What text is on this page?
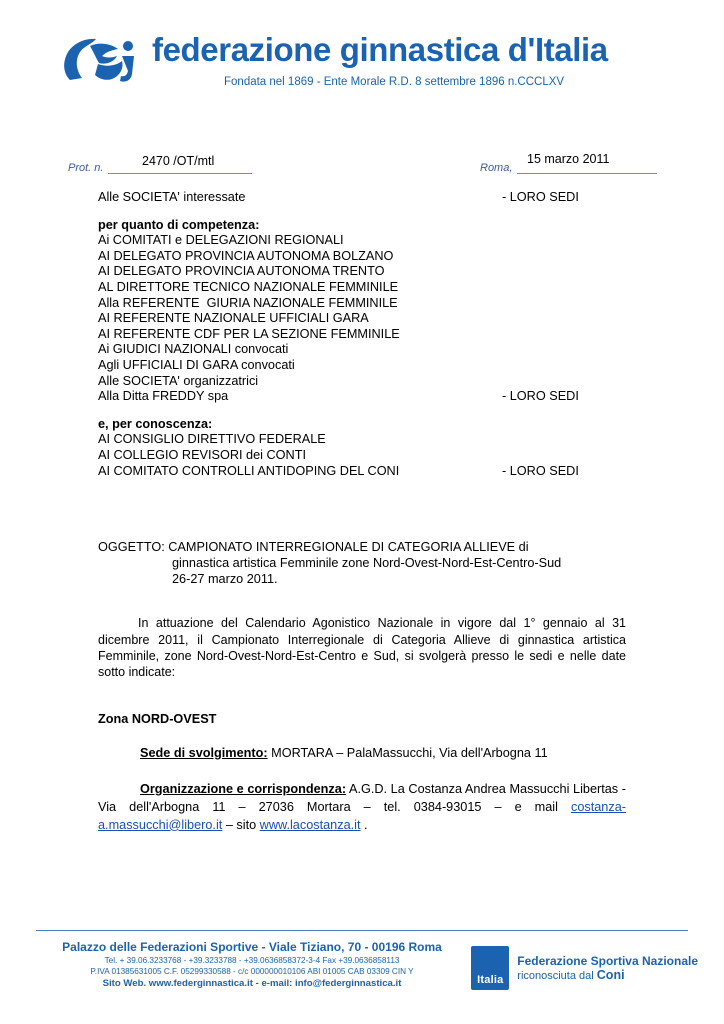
federazione ginnastica d'Italia
Fondata nel 1869 - Ente Morale R.D. 8 settembre 1896 n.CCCLXV
Prot. n.	2470 /OT/mtl	Roma,
15 marzo 2011
Alle SOCIETA' interessate	- LORO SEDI
per quanto di competenza:
Ai COMITATI e DELEGAZIONI REGIONALI
AI DELEGATO PROVINCIA AUTONOMA BOLZANO
AI DELEGATO PROVINCIA AUTONOMA TRENTO
AL DIRETTORE TECNICO NAZIONALE FEMMINILE
Alla REFERENTE  GIURIA NAZIONALE FEMMINILE
AI REFERENTE NAZIONALE UFFICIALI GARA
AI REFERENTE CDF PER LA SEZIONE FEMMINILE
Ai GIUDICI NAZIONALI convocati
Agli UFFICIALI DI GARA convocati
Alle SOCIETA' organizzatrici
Alla Ditta FREDDY spa	- LORO SEDI
e, per conoscenza:
AI CONSIGLIO DIRETTIVO FEDERALE
AI COLLEGIO REVISORI dei CONTI
AI COMITATO CONTROLLI ANTIDOPING DEL CONI	- LORO SEDI
OGGETTO: CAMPIONATO INTERREGIONALE DI CATEGORIA ALLIEVE di
ginnastica artistica Femminile zone Nord-Ovest-Nord-Est-Centro-Sud
26-27 marzo 2011.
In attuazione del Calendario Agonistico Nazionale in vigore dal 1° gennaio al 31 dicembre 2011, il Campionato Interregionale di Categoria Allieve di ginnastica artistica Femminile, zone Nord-Ovest-Nord-Est-Centro e Sud, si svolgerà presso le sedi e nelle date sotto indicate:
Zona NORD-OVEST
Sede di svolgimento: MORTARA – PalaMassucchi, Via dell'Arbogna 11
Organizzazione e corrispondenza: A.G.D. La Costanza Andrea Massucchi Libertas - Via dell'Arbogna 11 – 27036 Mortara – tel. 0384-93015 – e mail costanza-a.massucchi@libero.it – sito www.lacostanza.it .
Palazzo delle Federazioni Sportive - Viale Tiziano, 70 - 00196 Roma
Tel. + 39.06.3233768 - +39.3233788 - +39.0636858372-3-4 Fax +39.0636858113
P.IVA 01385631005 C.F. 05299330588 - c/c 000000010106 ABI 01005 CAB 03309 CIN Y
Sito Web. www.federginnastica.it - e-mail: info@federginnastica.it	Italia
Federazione Sportiva Nazionale
riconosciuta dal Coni
